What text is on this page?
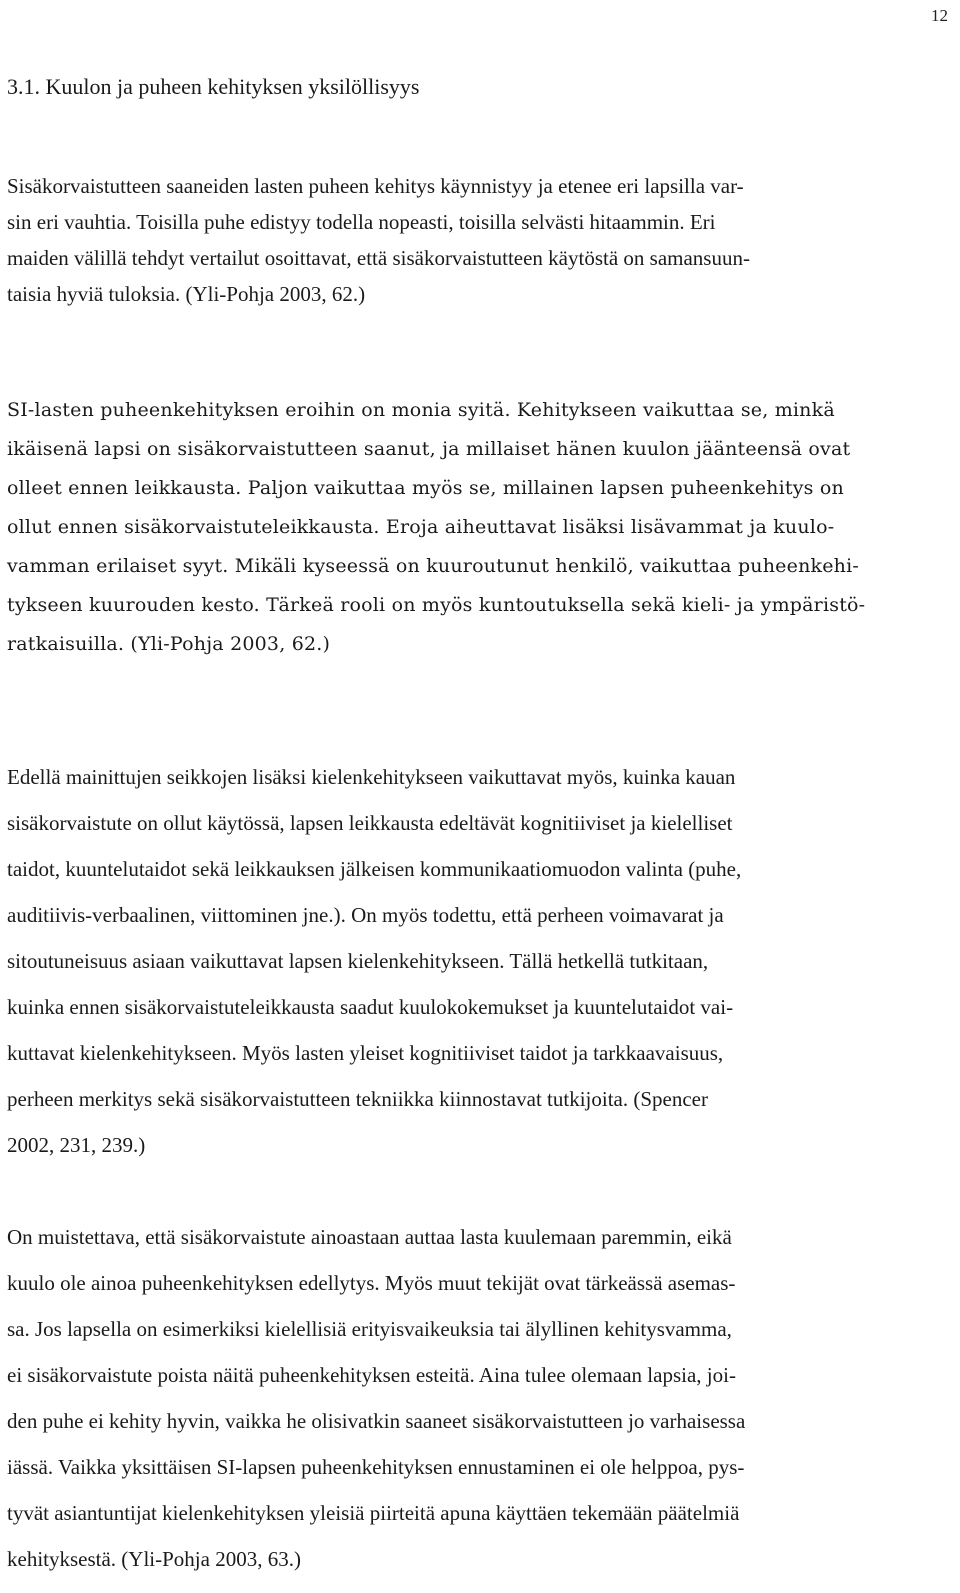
12
3.1. Kuulon ja puheen kehityksen yksilöllisyys

Sisäkorvaistutteen saaneiden lasten puheen kehitys käynnistyy ja etenee eri lapsilla var-
sin eri vauhtia. Toisilla puhe edistyy todella nopeasti, toisilla selvästi hitaammin. Eri
maiden välillä tehdyt vertailut osoittavat, että sisäkorvaistutteen käytöstä on samansuun-
taisia hyviä tuloksia. (Yli-Pohja 2003, 62.)

SI-lasten puheenkehityksen eroihin on monia syitä. Kehitykseen vaikuttaa se, minkä
ikäisenä lapsi on sisäkorvaistutteen saanut, ja millaiset hänen kuulon jäänteensä ovat
olleet ennen leikkausta. Paljon vaikuttaa myös se, millainen lapsen puheenkehitys on
ollut ennen sisäkorvaistuteleikkausta. Eroja aiheuttavat lisäksi lisävammat ja kuulo-
vamman erilaiset syyt. Mikäli kyseessä on kuuroutunut henkilö, vaikuttaa puheenkehi-
tykseen kuurouden kesto. Tärkeä rooli on myös kuntoutuksella sekä kieli- ja ympäristö-
ratkaisuilla. (Yli-Pohja 2003, 62.)

Edellä mainittujen seikkojen lisäksi kielenkehitykseen vaikuttavat myös, kuinka kauan
sisäkorvaistute on ollut käytössä, lapsen leikkausta edeltävät kognitiiviset ja kielelliset
taidot, kuuntelutaidot sekä leikkauksen jälkeisen kommunikaatiomuodon valinta (puhe,
auditiivis-verbaalinen, viittominen jne.). On myös todettu, että perheen voimavarat ja
sitoutuneisuus asiaan vaikuttavat lapsen kielenkehitykseen. Tällä hetkellä tutkitaan,
kuinka ennen sisäkorvaistuteleikkausta saadut kuulokokemukset ja kuuntelutaidot vai-
kuttavat kielenkehitykseen. Myös lasten yleiset kognitiiviset taidot ja tarkkaavaisuus,
perheen merkitys sekä sisäkorvaistutteen tekniikka kiinnostavat tutkijoita. (Spencer
2002, 231, 239.)

On muistettava, että sisäkorvaistute ainoastaan auttaa lasta kuulemaan paremmin, eikä
kuulo ole ainoa puheenkehityksen edellytys. Myös muut tekijät ovat tärkeässä asemas-
sa. Jos lapsella on esimerkiksi kielellisiä erityisvaikeuksia tai älyllinen kehitysvamma,
ei sisäkorvaistute poista näitä puheenkehityksen esteitä. Aina tulee olemaan lapsia, joi-
den puhe ei kehity hyvin, vaikka he olisivatkin saaneet sisäkorvaistutteen jo varhaisessa
iässä. Vaikka yksittäisen SI-lapsen puheenkehityksen ennustaminen ei ole helppoa, pys-
tyvät asiantuntijat kielenkehityksen yleisiä piirteitä apuna käyttäen tekemään päätelmiä
kehityksestä. (Yli-Pohja 2003, 63.)
